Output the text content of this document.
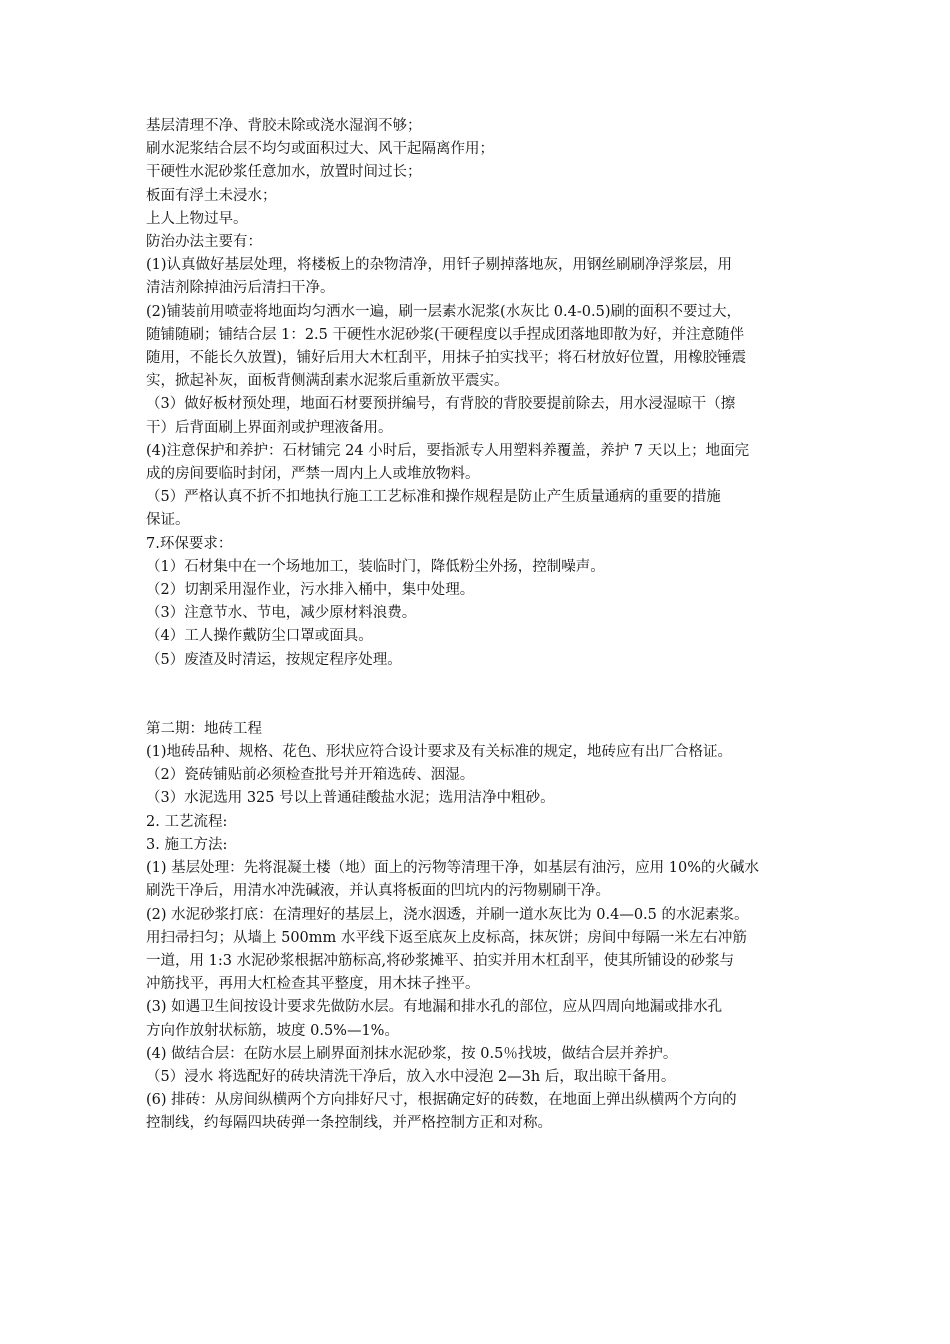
基层清理不净、背胶未除或浇水湿润不够；
刷水泥浆结合层不均匀或面积过大、风干起隔离作用；
干硬性水泥砂浆任意加水，放置时间过长；
板面有浮土未浸水；
上人上物过早。
防治办法主要有：
(1)认真做好基层处理，将楼板上的杂物清净，用钎子剔掉落地灰，用钢丝刷刷净浮浆层，用
清洁剂除掉油污后清扫干净。
(2)铺装前用喷壶将地面均匀洒水一遍，刷一层素水泥浆(水灰比 0.4-0.5)刷的面积不要过大，
随铺随刷；铺结合层 1：2.5 干硬性水泥砂浆(干硬程度以手捏成团落地即散为好，并注意随伴
随用，不能长久放置)，铺好后用大木杠刮平，用抹子拍实找平；将石材放好位置，用橡胶锤震
实，掀起补灰，面板背侧满刮素水泥浆后重新放平震实。
（3）做好板材预处理，地面石材要预拼编号，有背胶的背胶要提前除去，用水浸湿晾干（擦
干）后背面刷上界面剂或护理液备用。
(4)注意保护和养护：石材铺完 24 小时后，要指派专人用塑料养覆盖，养护 7 天以上；地面完
成的房间要临时封闭，严禁一周内上人或堆放物料。
（5）严格认真不折不扣地执行施工工艺标准和操作规程是防止产生质量通病的重要的措施
保证。
7.环保要求：
（1）石材集中在一个场地加工，装临时门，降低粉尘外扬，控制噪声。
（2）切割采用湿作业，污水排入桶中，集中处理。
（3）注意节水、节电，减少原材料浪费。
（4）工人操作戴防尘口罩或面具。
（5）废渣及时清运，按规定程序处理。
第二期：地砖工程
(1)地砖品种、规格、花色、形状应符合设计要求及有关标准的规定，地砖应有出厂合格证。
（2）瓷砖铺贴前必须检查批号并开箱选砖、洇湿。
（3）水泥选用 325 号以上普通硅酸盐水泥；选用洁净中粗砂。
2. 工艺流程:
3. 施工方法:
(1) 基层处理：先将混凝土楼（地）面上的污物等清理干净，如基层有油污，应用 10%的火碱水
刷洗干净后，用清水冲洗碱液，并认真将板面的凹坑内的污物剔刷干净。
(2) 水泥砂浆打底：在清理好的基层上，浇水洇透，并刷一道水灰比为 0.4—0.5 的水泥素浆。
用扫帚扫匀；从墙上 500mm 水平线下返至底灰上皮标高，抹灰饼；房间中每隔一米左右冲筋
一道，用 1:3 水泥砂浆根据冲筋标高,将砂浆摊平、拍实并用木杠刮平，使其所铺设的砂浆与
冲筋找平，再用大杠检查其平整度，用木抹子挫平。
(3) 如遇卫生间按设计要求先做防水层。有地漏和排水孔的部位，应从四周向地漏或排水孔
方向作放射状标筋，坡度 0.5%—1%。
(4) 做结合层：在防水层上刷界面剂抹水泥砂浆，按 0.5％找坡，做结合层并养护。
（5）浸水 将选配好的砖块清洗干净后，放入水中浸泡 2—3h 后，取出晾干备用。
(6) 排砖：从房间纵横两个方向排好尺寸，根据确定好的砖数，在地面上弹出纵横两个方向的
控制线，约每隔四块砖弹一条控制线，并严格控制方正和对称。
